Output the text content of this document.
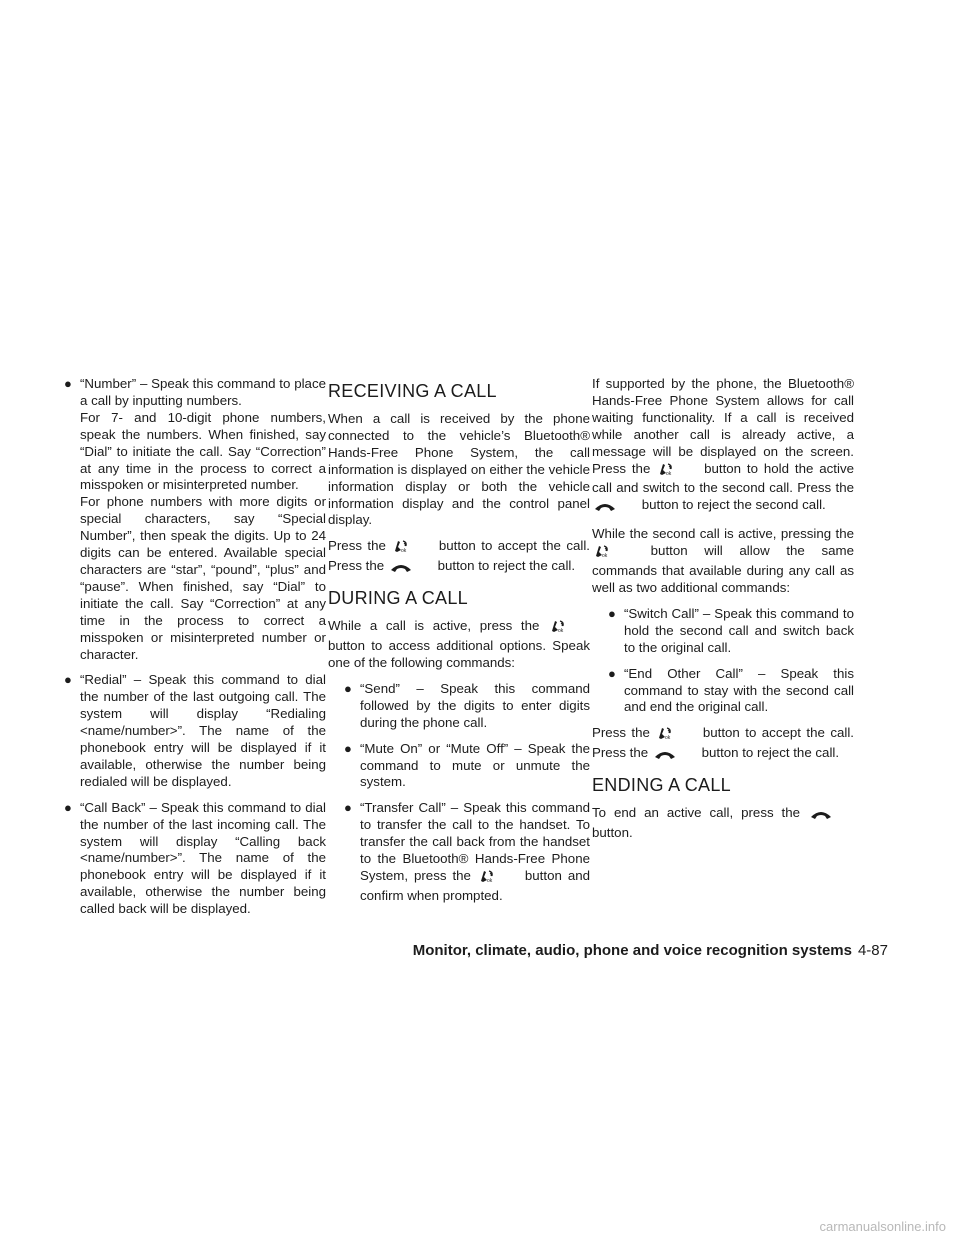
● “Number” – Speak this command to place a call by inputting numbers.
For 7- and 10-digit phone numbers, speak the numbers. When finished, say “Dial” to initiate the call. Say “Correction” at any time in the process to correct a misspoken or misinterpreted number.
For phone numbers with more digits or special characters, say “Special Number”, then speak the digits. Up to 24 digits can be entered. Available special characters are “star”, “pound”, “plus” and “pause”. When finished, say “Dial” to initiate the call. Say “Correction” at any time in the process to correct a misspoken or misinterpreted number or character.
● “Redial” – Speak this command to dial the number of the last outgoing call. The system will display “Redialing <name/number>”. The name of the phonebook entry will be displayed if it available, otherwise the number being redialed will be displayed.
● “Call Back” – Speak this command to dial the number of the last incoming call. The system will display “Calling back <name/number>”. The name of the phonebook entry will be displayed if it available, otherwise the number being called back will be displayed.
RECEIVING A CALL

When a call is received by the phone connected to the vehicle’s Bluetooth® Hands-Free Phone System, the call information is displayed on either the vehicle information display or both the vehicle information display and the control panel display.

Press the	ok button to accept the call. Press the	button to reject the call.

DURING A CALL

While a call is active, press the	ok
button to access additional options. Speak one of the following commands:

● “Send” – Speak this command followed by the digits to enter digits during the phone call.
● “Mute On” or “Mute Off” – Speak the command to mute or unmute the system.
● “Transfer Call” – Speak this command to transfer the call to the handset. To transfer the call back from the handset to the Bluetooth® Hands-Free Phone System, press the	ok button and confirm when prompted.

If supported by the phone, the Bluetooth® Hands-Free Phone System allows for call waiting functionality. If a call is received while another call is already active, a message will be displayed on the screen. Press the	ok button to hold the active call and switch to the second call. Press the  button to reject the second call.

While the second call is active, pressing the
ok	button will allow the same commands that available during any call as well as two additional commands:

● “Switch Call” – Speak this command to hold the second call and switch back to the original call.
● “End Other Call” – Speak this command to stay with the second call and end the original call.

Press the	ok button to accept the call. Press the	button to reject the call.

ENDING A CALL

To end an active call, press the  button.

Monitor, climate, audio, phone and voice recognition systems 4-87
carmanualsonline.info
